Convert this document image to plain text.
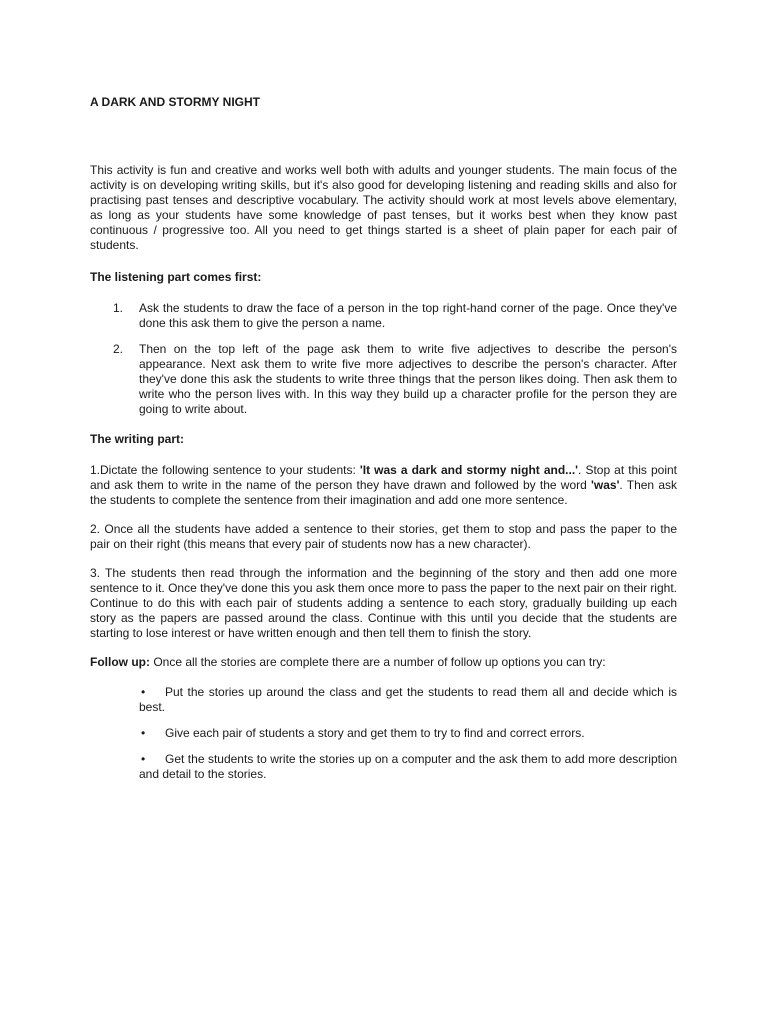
A DARK AND STORMY NIGHT

This activity is fun and creative and works well both with adults and younger students. The main focus of the activity is on developing writing skills, but it's also good for developing listening and reading skills and also for practising past tenses and descriptive vocabulary. The activity should work at most levels above elementary, as long as your students have some knowledge of past tenses, but it works best when they know past continuous / progressive too. All you need to get things started is a sheet of plain paper for each pair of students.

The listening part comes first:
1. Ask the students to draw the face of a person in the top right-hand corner of the page. Once they've done this ask them to give the person a name.
2. Then on the top left of the page ask them to write five adjectives to describe the person's appearance. Next ask them to write five more adjectives to describe the person's character. After they've done this ask the students to write three things that the person likes doing. Then ask them to write who the person lives with. In this way they build up a character profile for the person they are going to write about.
The writing part:

1.Dictate the following sentence to your students: 'It was a dark and stormy night and...'. Stop at this point and ask them to write in the name of the person they have drawn and followed by the word 'was'. Then ask the students to complete the sentence from their imagination and add one more sentence.

2. Once all the students have added a sentence to their stories, get them to stop and pass the paper to the pair on their right (this means that every pair of students now has a new character).

3. The students then read through the information and the beginning of the story and then add one more sentence to it. Once they've done this you ask them once more to pass the paper to the next pair on their right. Continue to do this with each pair of students adding a sentence to each story, gradually building up each story as the papers are passed around the class. Continue with this until you decide that the students are starting to lose interest or have written enough and then tell them to finish the story.

Follow up: Once all the stories are complete there are a number of follow up options you can try:

• Put the stories up around the class and get the students to read them all and decide which is best.

• Give each pair of students a story and get them to try to find and correct errors.

• Get the students to write the stories up on a computer and the ask them to add more description and detail to the stories.
